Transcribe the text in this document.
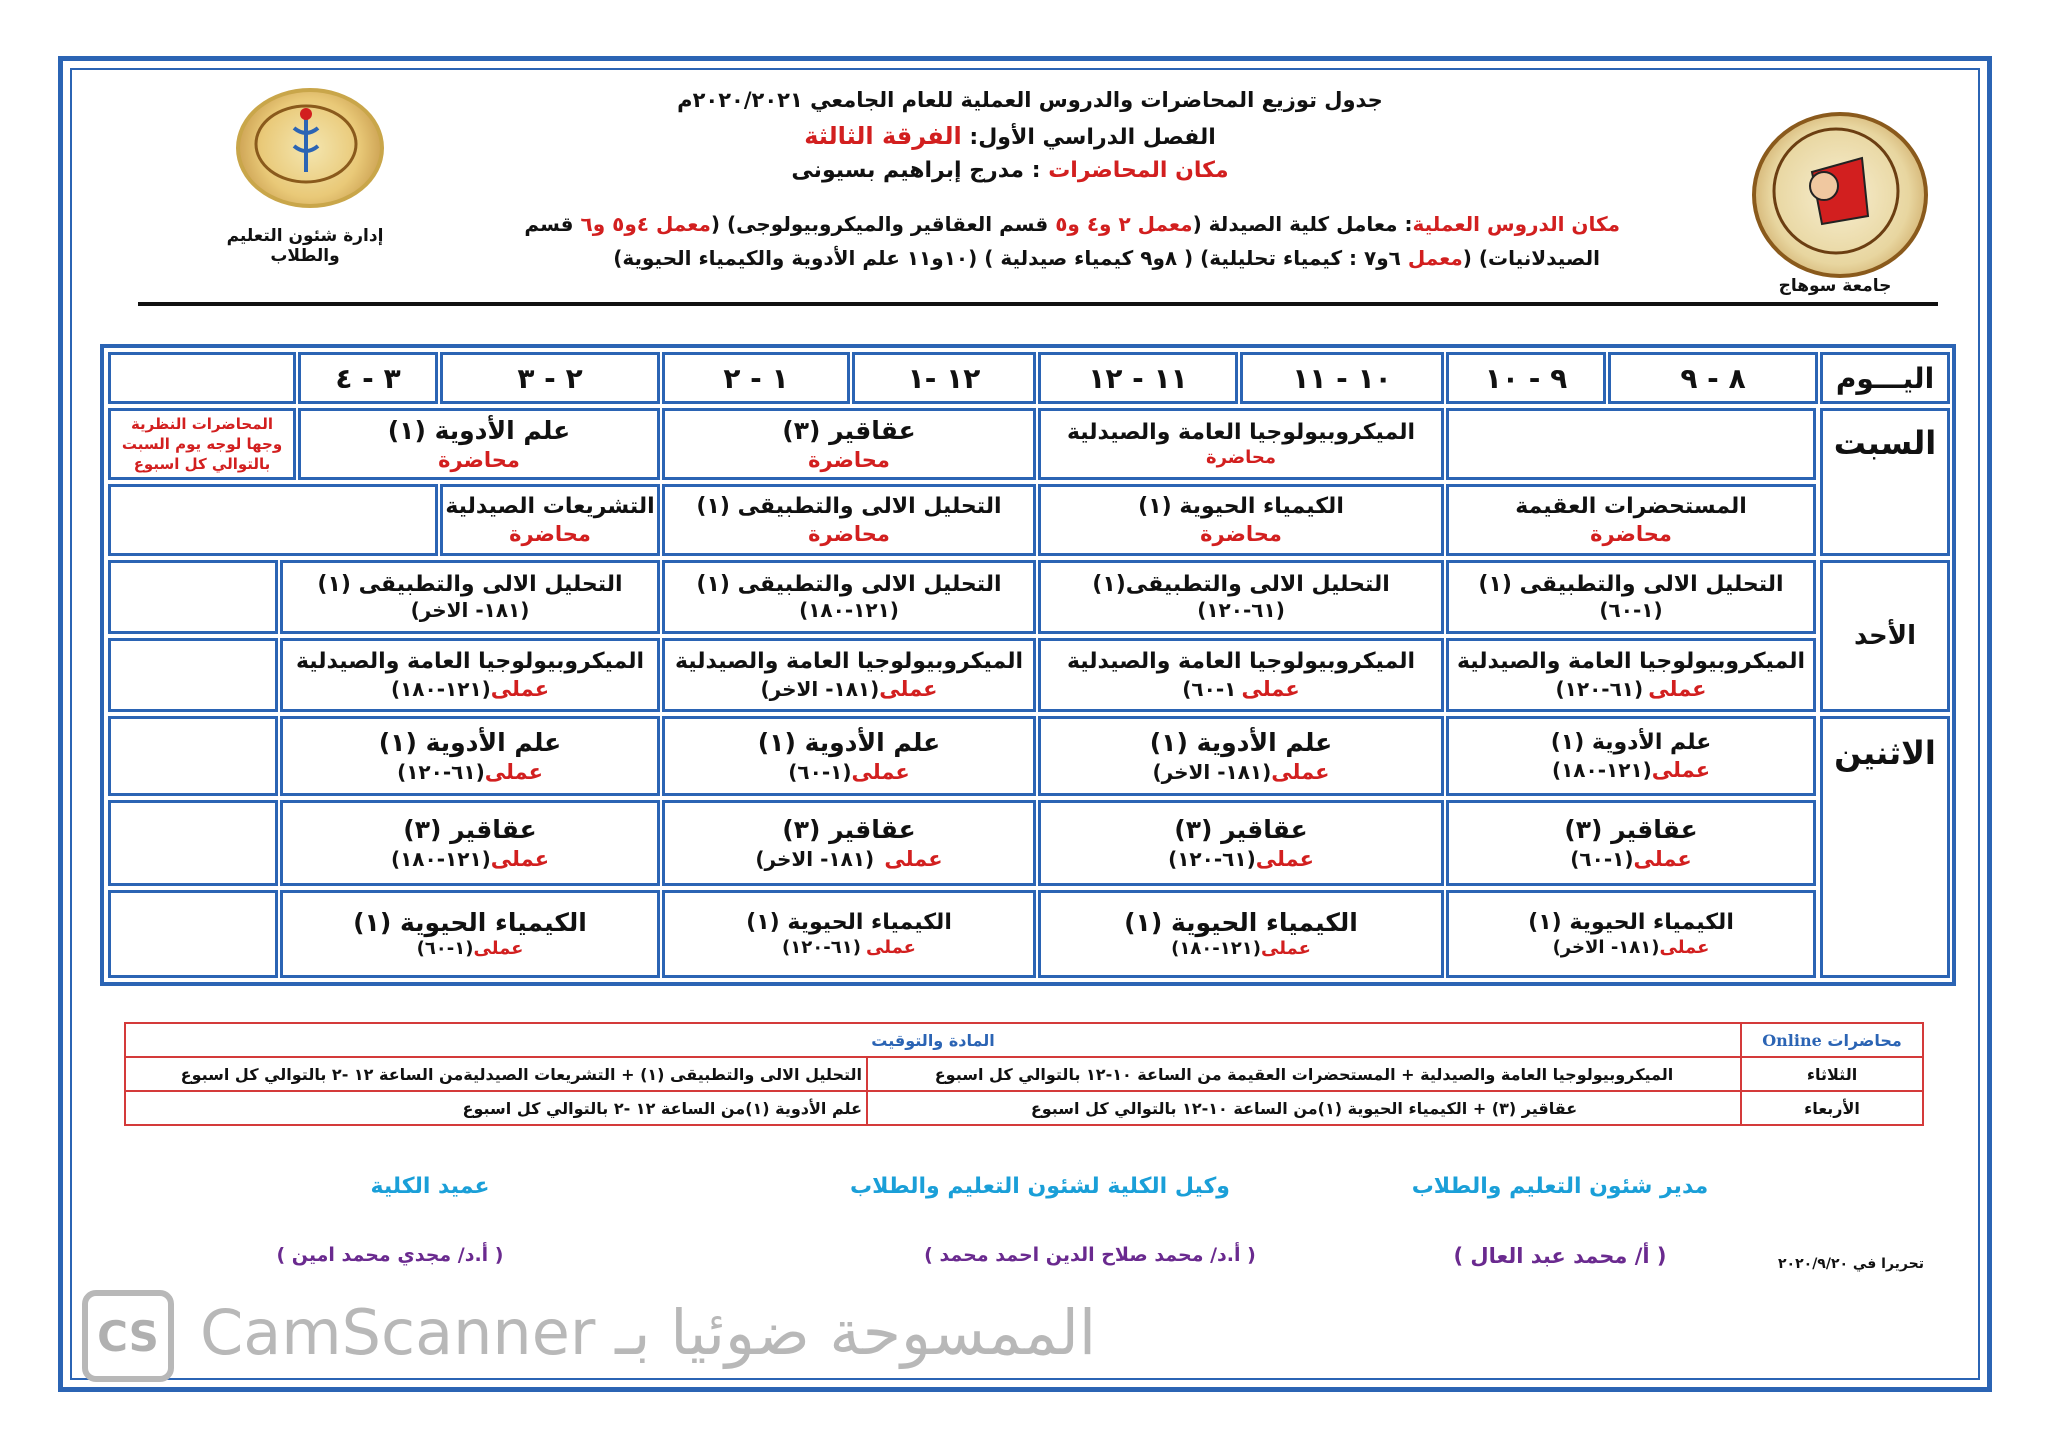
إدارة شئون التعليم والطلاب
جامعة سوهاج
جدول توزيع المحاضرات والدروس العملية للعام الجامعي ٢٠٢٠/٢٠٢١م
الفصل الدراسي الأول: الفرقة الثالثة
مكان المحاضرات : مدرج إبراهيم بسيونى
مكان الدروس العملية: معامل كلية الصيدلة (معمل ٢ و٤ و٥ قسم العقاقير والميكروبيولوجى) (معمل ٤و٥ و٦ قسم
الصيدلانيات) (معمل ٦و٧ : كيمياء تحليلية) ( ٨و٩ كيمياء صيدلية ) (١٠و١١ علم الأدوية والكيمياء الحيوية)
اليـــوم
٨ - ٩
٩ - ١٠
١٠ - ١١
١١ - ١٢
١٢ -١
١ - ٢
٢ - ٣
٣ - ٤
السبت
الأحد
الاثنين
الميكروبيولوجيا العامة والصيدلية
محاضرة
عقاقير (٣)
محاضرة
علم الأدوية (١)
محاضرة
المحاضرات النظرية وجها لوجه يوم السبت بالتوالي كل اسبوع
المستحضرات العقيمة
محاضرة
الكيمياء الحيوية (١)
محاضرة
التحليل الالى والتطبيقى (١)
محاضرة
التشريعات الصيدلية
محاضرة
التحليل الالى والتطبيقى (١)
(١-٦٠)
التحليل الالى والتطبيقى(١)
(٦١-١٢٠)
التحليل الالى والتطبيقى (١)
(١٢١-١٨٠)
التحليل الالى والتطبيقى (١)
(١٨١- الاخر)
الميكروبيولوجيا العامة والصيدلية
عملى (٦١-١٢٠)
الميكروبيولوجيا العامة والصيدلية
عملى ١-٦٠)
الميكروبيولوجيا العامة والصيدلية
عملى(١٨١- الاخر)
الميكروبيولوجيا العامة والصيدلية
عملى(١٢١-١٨٠)
علم الأدوية (١)
عملى(١٢١-١٨٠)
علم الأدوية (١)
عملى(١٨١- الاخر)
علم الأدوية (١)
عملى(١-٦٠)
علم الأدوية (١)
عملى(٦١-١٢٠)
عقاقير (٣)
عملى(١-٦٠)
عقاقير (٣)
عملى(٦١-١٢٠)
عقاقير (٣)
عملى  (١٨١- الاخر)
عقاقير (٣)
عملى(١٢١-١٨٠)
الكيمياء الحيوية (١)
عملى(١٨١- الاخر)
الكيمياء الحيوية (١)
عملى(١٢١-١٨٠)
الكيمياء الحيوية (١)
عملى (٦١-١٢٠)
الكيمياء الحيوية (١)
عملى(١-٦٠)
محاضرات

Online
المادة والتوقيت
الثلاثاء
الميكروبيولوجيا العامة والصيدلية + المستحضرات العقيمة من الساعة ١٠-١٢ بالتوالي كل اسبوع
التحليل الالى والتطبيقى (١) + التشريعات الصيدليةمن الساعة ١٢ -٢ بالتوالي كل اسبوع
الأربعاء
عقاقير (٣) + الكيمياء الحيوية (١)من الساعة ١٠-١٢ بالتوالي كل اسبوع
علم الأدوية (١)من الساعة ١٢ -٢ بالتوالي كل اسبوع
مدير شئون التعليم والطلاب
وكيل الكلية لشئون التعليم والطلاب
عميد الكلية
( أ/ محمد عبد العال )
( أ.د/ محمد صلاح الدين احمد محمد )
( أ.د/ مجدي محمد امين )	تحريرا في ٢٠٢٠/٩/٢٠
CS CamScanner الممسوحة ضوئيا بـ
